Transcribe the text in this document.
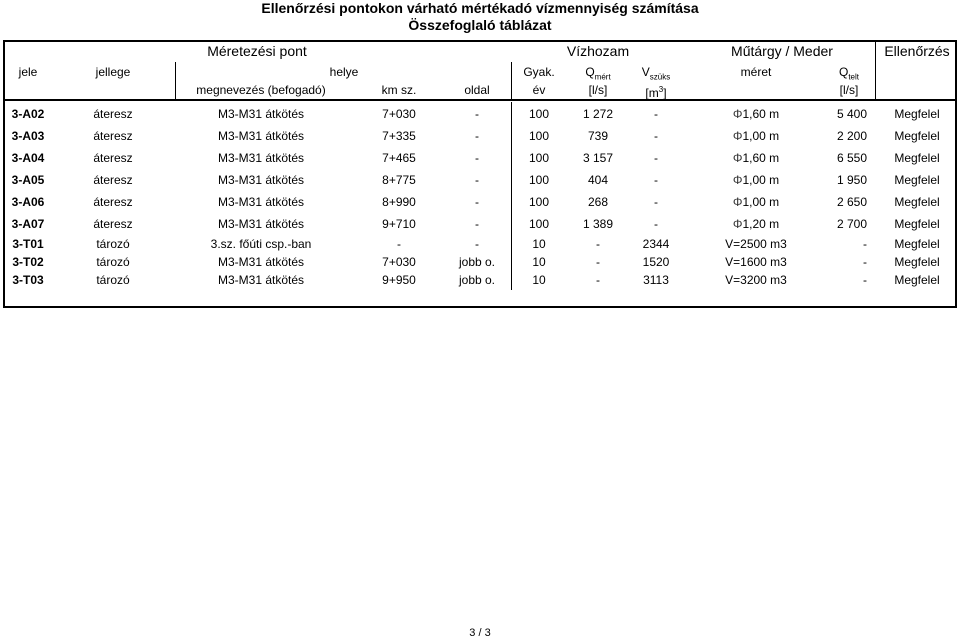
Ellenőrzési pontokon várható mértékadó vízmennyiség számítása
Összefoglaló táblázat
Méretezési pont	Vízhozam	Műtárgy / Meder	Ellenőrzés
jele	jellege	helye	Gyak.	$Q_{mért}$	$V_{szüks}$	méret	$Q_{telt}$
megnevezés (befogadó)	km sz.	oldal	év	[l/s]	$[m^3]$	[l/s]
3-A02	áteresz	M3-M31 átkötés	7+030	-	100	1 272	-	Φ1,60 m	5 400 Megfelel
3-A03	áteresz	M3-M31 átkötés	7+335	-	100	739	-	Φ1,00 m	2 200 Megfelel
3-A04	áteresz	M3-M31 átkötés	7+465	-	100	3 157	-	Φ1,60 m	6 550 Megfelel
3-A05	áteresz	M3-M31 átkötés	8+775	-	100	404	-	Φ1,00 m	1 950 Megfelel
3-A06	áteresz	M3-M31 átkötés	8+990	-	100	268	-	Φ1,00 m	2 650 Megfelel
3-A07	áteresz	M3-M31 átkötés	9+710	-	100	1 389	-	Φ1,20 m	2 700 Megfelel
3-T01	tározó	3.sz. főúti csp.-ban	-	-	10	-	2344	V=2500 m3	- Megfelel
3-T02	tározó	M3-M31 átkötés	7+030	jobb o.	10	-	1520	V=1600 m3	- Megfelel
3-T03	tározó	M3-M31 átkötés	9+950	jobb o.	10	-	3113	V=3200 m3	- Megfelel
3 / 3
